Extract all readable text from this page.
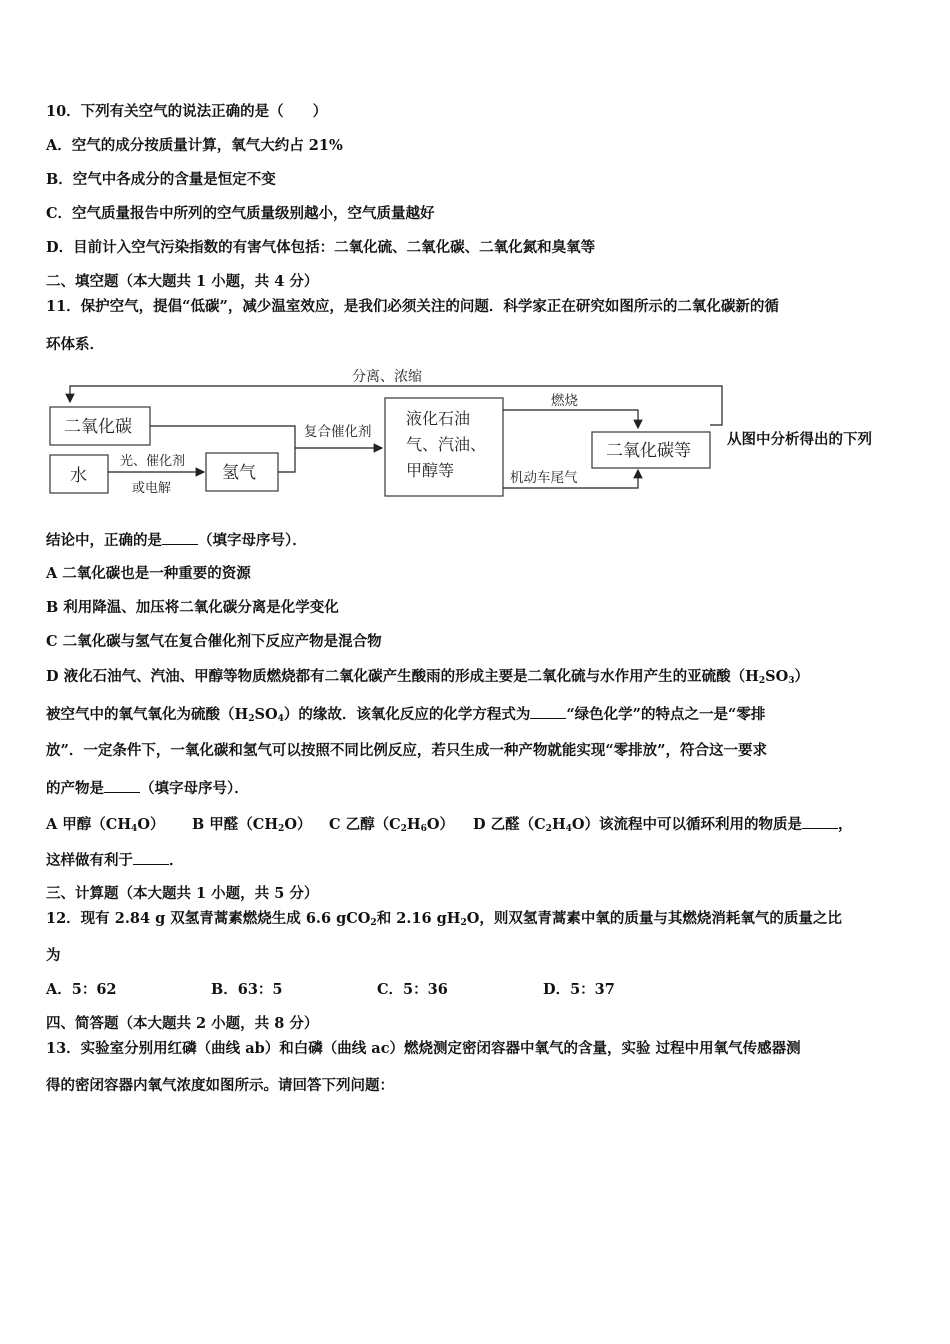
10．下列有关空气的说法正确的是（　　）
A．空气的成分按质量计算，氧气大约占 21%
B．空气中各成分的含量是恒定不变
C．空气质量报告中所列的空气质量级别越小，空气质量越好
D．目前计入空气污染指数的有害气体包括：二氧化硫、二氧化碳、二氧化氮和臭氧等
二、填空题（本大题共 1 小题，共 4 分）
11．保护空气，提倡“低碳”，减少温室效应，是我们必须关注的问题．科学家正在研究如图所示的二氧化碳新的循
环体系．
分离、浓缩
二氧化碳
水
光、催化剂
或电解
氢气
复合催化剂
液化石油
气、汽油、
甲醇等
燃烧
机动车尾气
二氧化碳等
从图中分析得出的下列
结论中，正确的是 （填字母序号）．
A 二氧化碳也是一种重要的资源
B 利用降温、加压将二氧化碳分离是化学变化
C 二氧化碳与氢气在复合催化剂下反应产物是混合物
D 液化石油气、汽油、甲醇等物质燃烧都有二氧化碳产生酸雨的形成主要是二氧化硫与水作用产生的亚硫酸$(H_2SO_3)$
被空气中的氧气氧化为硫酸$(H_2SO_4)$的缘故．该氧化反应的化学方程式为 “绿色化学”的特点之一是“零排
放”．一定条件下，一氧化碳和氢气可以按照不同比例反应，若只生成一种产物就能实现“零排放”，符合这一要求
的产物是 （填字母序号）．
A 甲醇$(CH_4O)$ B 甲醛$(CH_2O)$ C 乙醇$(C_2H_6O)$ D 乙醛$(C_2H_4O)$该流程中可以循环利用的物质是 ，
这样做有利于 ．
三、计算题（本大题共 1 小题，共 5 分）
12．现有 2.84 g 双氢青蒿素燃烧生成 6.6 gCO$_2$和 2.16 $gH_2O$，则双氢青蒿素中氧的质量与其燃烧消耗氧气的质量之比
为
A．5：62	B．63：5	C．5：36	D．5：37
四、简答题（本大题共 2 小题，共 8 分）
13．实验室分别用红磷（曲线 ab）和白磷（曲线 ac）燃烧测定密闭容器中氧气的含量，实验 过程中用氧气传感器测
得的密闭容器内氧气浓度如图所示。请回答下列问题：
